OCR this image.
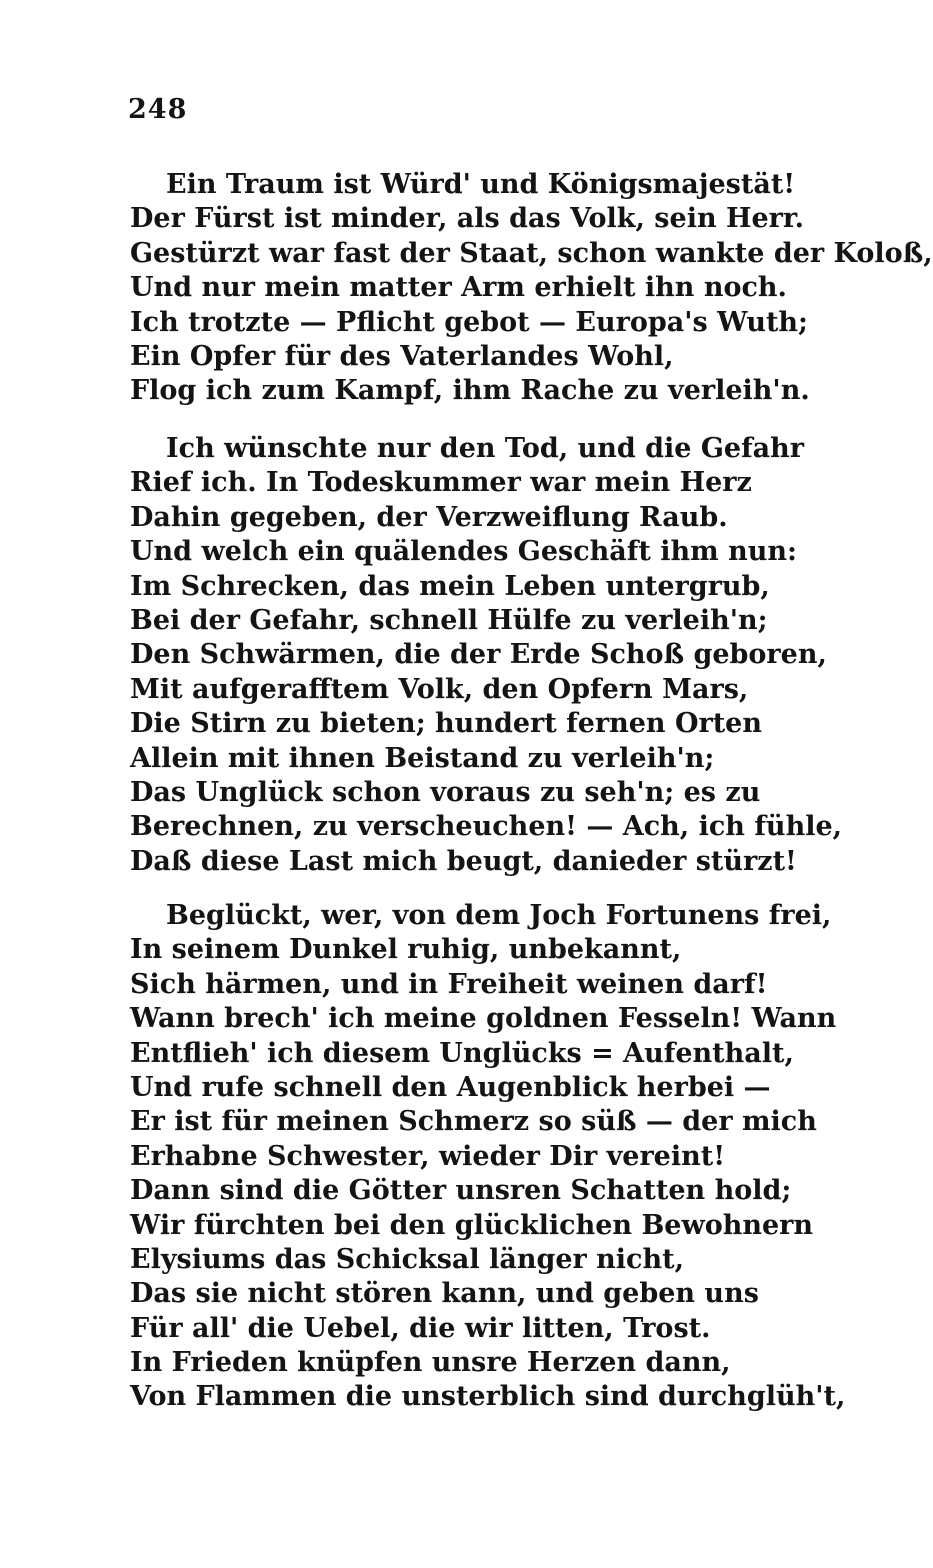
248
Ein Traum ist Würd' und Königsmajestät!
Der Fürst ist minder, als das Volk, sein Herr.
Gestürzt war fast der Staat, schon wankte der Koloß,
Und nur mein matter Arm erhielt ihn noch.
Ich trotzte — Pflicht gebot — Europa's Wuth;
Ein Opfer für des Vaterlandes Wohl,
Flog ich zum Kampf, ihm Rache zu verleih'n.
Ich wünschte nur den Tod, und die Gefahr
Rief ich. In Todeskummer war mein Herz
Dahin gegeben, der Verzweiflung Raub.
Und welch ein quälendes Geschäft ihm nun:
Im Schrecken, das mein Leben untergrub,
Bei der Gefahr, schnell Hülfe zu verleih'n;
Den Schwärmen, die der Erde Schoß geboren,
Mit aufgerafftem Volk, den Opfern Mars,
Die Stirn zu bieten; hundert fernen Orten
Allein mit ihnen Beistand zu verleih'n;
Das Unglück schon voraus zu seh'n; es zu
Berechnen, zu verscheuchen! — Ach, ich fühle,
Daß diese Last mich beugt, danieder stürzt!
Beglückt, wer, von dem Joch Fortunens frei,
In seinem Dunkel ruhig, unbekannt,
Sich härmen, und in Freiheit weinen darf!
Wann brech' ich meine goldnen Fesseln! Wann
Entflieh' ich diesem Unglücks = Aufenthalt,
Und rufe schnell den Augenblick herbei —
Er ist für meinen Schmerz so süß — der mich
Erhabne Schwester, wieder Dir vereint!
Dann sind die Götter unsren Schatten hold;
Wir fürchten bei den glücklichen Bewohnern
Elysiums das Schicksal länger nicht,
Das sie nicht stören kann, und geben uns
Für all' die Uebel, die wir litten, Trost.
In Frieden knüpfen unsre Herzen dann,
Von Flammen die unsterblich sind durchglüh't,
